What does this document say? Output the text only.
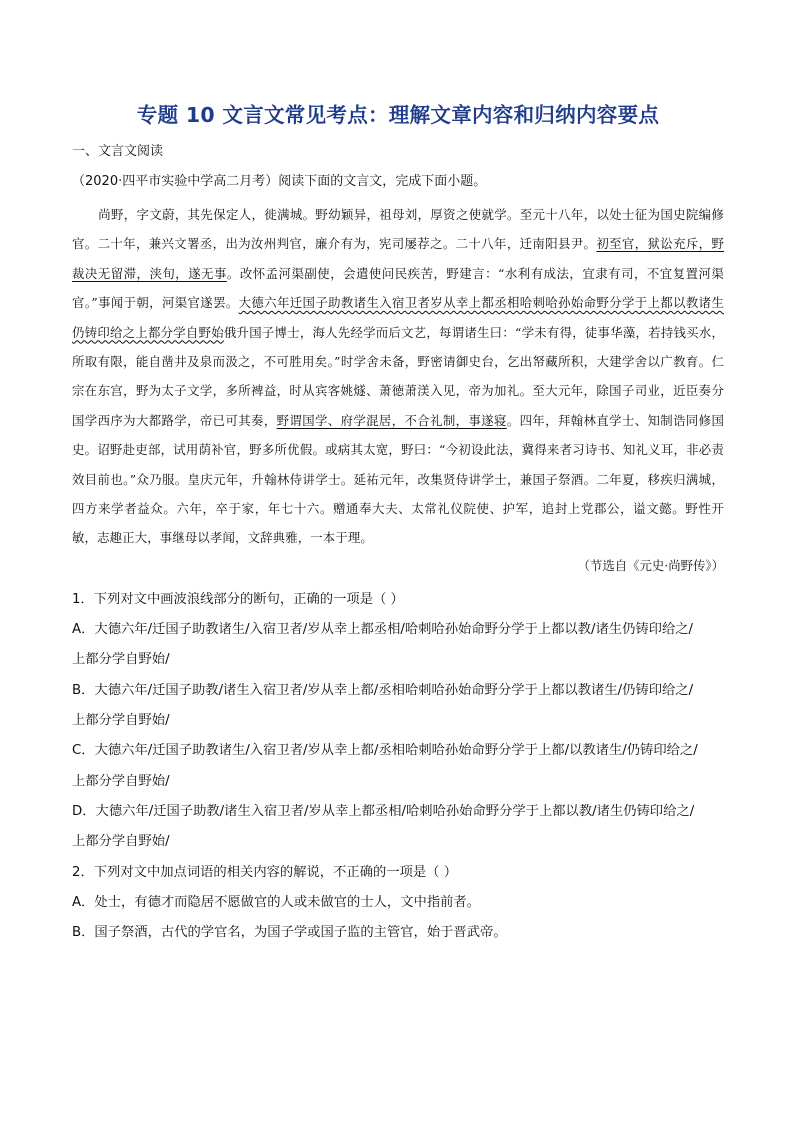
专题 10 文言文常见考点：理解文章内容和归纳内容要点

一、文言文阅读

（2020·四平市实验中学高二月考）阅读下面的文言文，完成下面小题。

尚野，字文蔚，其先保定人，徙满城。野幼颖异，祖母刘，厚资之使就学。至元十八年，以处士征为国史院编修官。二十年，兼兴文署丞，出为汝州判官，廉介有为，宪司屡荐之。二十八年，迁南阳县尹。初至官，狱讼充斥，野裁决无留滞，浃旬，遂无事。改怀孟河渠副使，会遣使问民疾苦，野建言：“水利有成法，宜隶有司，不宜复置河渠官。”事闻于朝，河渠官遂罢。大德六年迁国子助教诸生入宿卫者岁从幸上都丞相哈刺哈孙始命野分学于上都以教诸生仍铸印给之上都分学自野始俄升国子博士，海人先经学而后文艺，每谓诸生曰：“学未有得，徒事华藻，若持钱买水，所取有限，能自凿井及泉而汲之，不可胜用矣。”时学舍未备，野密请御史台，乞出帑藏所积，大建学舍以广教育。仁宗在东宫，野为太子文学，多所裨益，时从宾客姚燧、萧徳萧渼入见，帝为加礼。至大元年，除国子司业，近臣奏分国学西序为大都路学，帝已可其奏，野谓国学、府学混居，不合礼制，事遂寝。四年，拜翰林直学士、知制诰同修国史。诏野赴吏部，试用荫补官，野多所优假。或病其太宽，野曰：“今初设此法，冀得来者习诗书、知礼义耳，非必责效目前也。”众乃服。皇庆元年，升翰林侍讲学士。延祐元年，改集贤侍讲学士，兼国子祭酒。二年夏，移疾归满城，四方来学者益众。六年，卒于家，年七十六。赠通奉大夫、太常礼仪院使、护军，追封上党郡公，谥文懿。野性开敏，志趣正大，事继母以孝闻，文辞典雅，一本于理。

（节选自《元史·尚野传》）

1．下列对文中画波浪线部分的断句，正确的一项是（ ）

A．大德六年/迁国子助教诸生/入宿卫者/岁从幸上都丞相/哈刺哈孙始命野分学于上都以教/诸生仍铸印给之/

上都分学自野始/

B．大德六年/迁国子助教/诸生入宿卫者/岁从幸上都/丞相哈刺哈孙始命野分学于上都以教诸生/仍铸印给之/

上都分学自野始/

C．大德六年/迁国子助教诸生/入宿卫者/岁从幸上都/丞相哈刺哈孙始命野分学于上都/以教诸生/仍铸印给之/

上都分学自野始/

D．大德六年/迁国子助教/诸生入宿卫者/岁从幸上都丞相/哈刺哈孙始命野分学于上都以教/诸生仍铸印给之/

上都分学自野始/

2．下列对文中加点词语的相关内容的解说，不正确的一项是（ ）

A．处士，有德才而隐居不愿做官的人或未做官的士人，文中指前者。

B．国子祭酒，古代的学官名，为国子学或国子监的主管官，始于晋武帝。
